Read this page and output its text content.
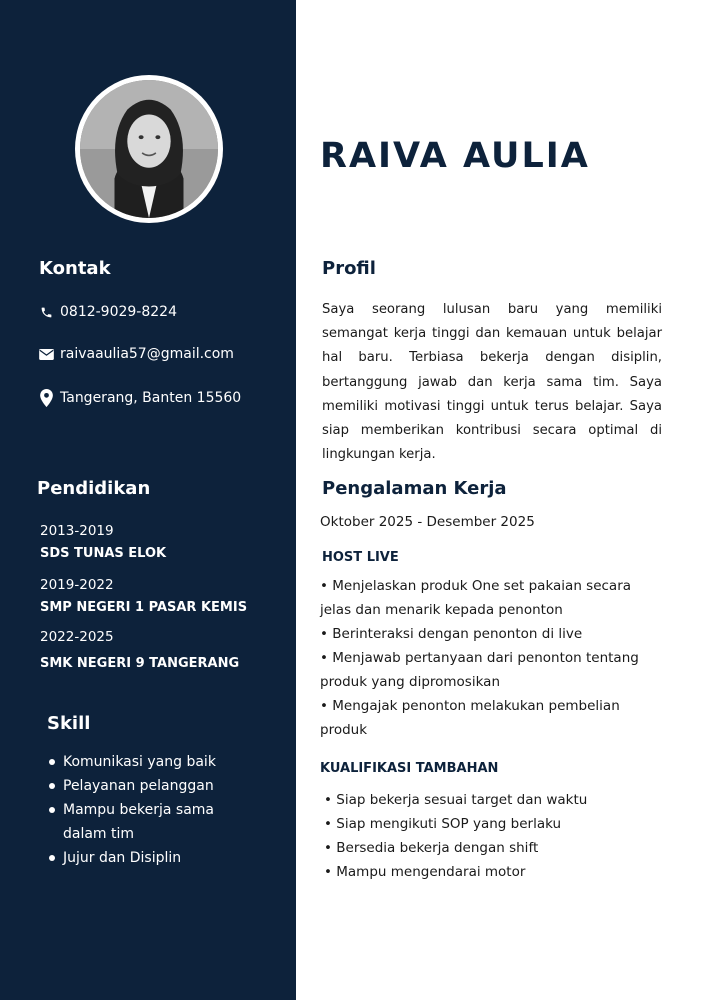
Kontak
0812-9029-8224
raivaaulia57@gmail.com
Tangerang, Banten 15560
Pendidikan
2013-2019
SDS TUNAS ELOK
2019-2022
SMP NEGERI 1 PASAR KEMIS
2022-2025
SMK NEGERI 9 TANGERANG
Skill
Komunikasi yang baik
Pelayanan pelanggan
Mampu bekerja sama
dalam tim
Jujur dan Disiplin
RAIVA AULIA
Profil

Saya seorang lulusan baru yang memiliki semangat kerja tinggi dan kemauan untuk belajar hal baru. Terbiasa bekerja dengan disiplin, bertanggung jawab dan kerja sama tim. Saya memiliki motivasi tinggi untuk terus belajar. Saya siap memberikan kontribusi secara optimal di lingkungan kerja.

Pengalaman Kerja
Oktober 2025 - Desember 2025
HOST LIVE
• Menjelaskan produk One set pakaian secara
jelas dan menarik kepada penonton
• Berinteraksi dengan penonton di live
• Menjawab pertanyaan dari penonton tentang
produk yang dipromosikan
• Mengajak penonton melakukan pembelian
produk
KUALIFIKASI TAMBAHAN
• Siap bekerja sesuai target dan waktu
• Siap mengikuti SOP yang berlaku
• Bersedia bekerja dengan shift
• Mampu mengendarai motor
